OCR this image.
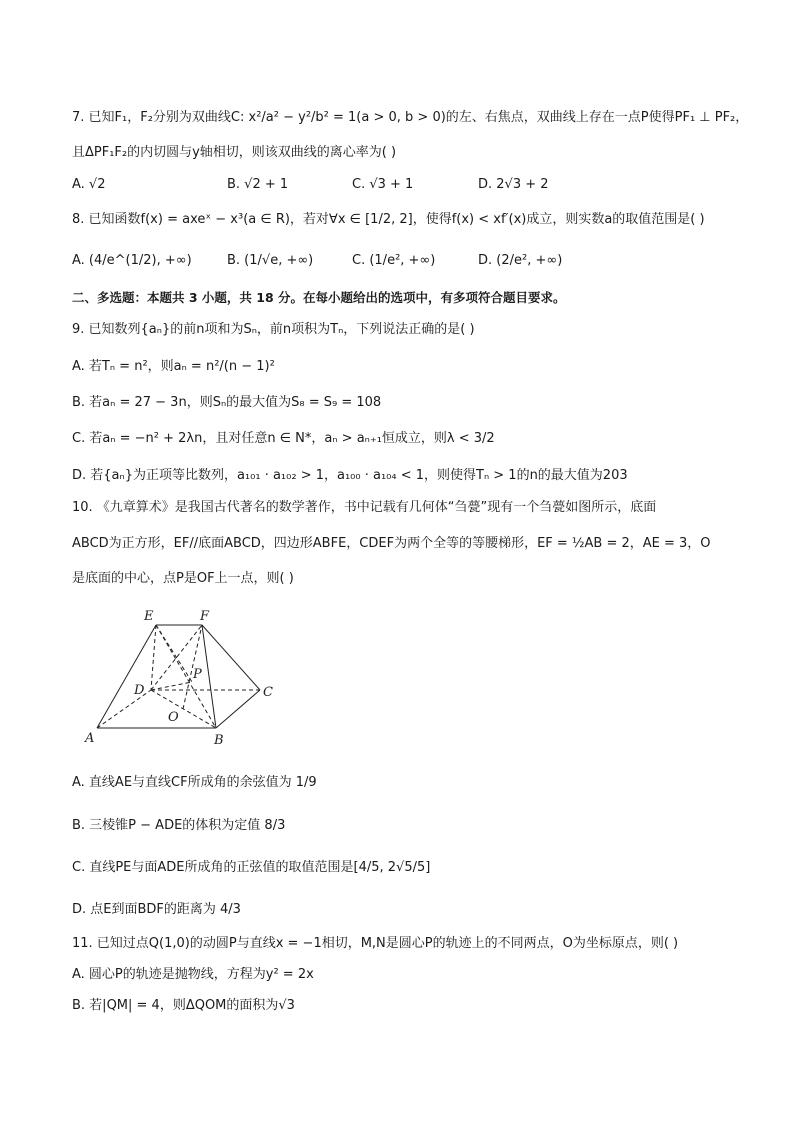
7. 已知F₁，F₂分别为双曲线C: x²/a² − y²/b² = 1(a > 0, b > 0)的左、右焦点，双曲线上存在一点P使得PF₁ ⊥ PF₂，
且ΔPF₁F₂的内切圆与y轴相切，则该双曲线的离心率为( )
A. √2	B. √2 + 1	C. √3 + 1	D. 2√3 + 2
8. 已知函数f(x) = axeˣ − x³(a ∈ R)，若对∀x ∈ [1/2, 2]，使得f(x) < xf′(x)成立，则实数a的取值范围是( )
A. (4/e^(1/2), +∞)	B. (1/√e, +∞)	C. (1/e², +∞)	D. (2/e², +∞)
二、多选题：本题共 3 小题，共 18 分。在每小题给出的选项中，有多项符合题目要求。
9. 已知数列{aₙ}的前n项和为Sₙ，前n项积为Tₙ，下列说法正确的是( )
A. 若Tₙ = n²，则aₙ = n²/(n − 1)²
B. 若aₙ = 27 − 3n，则Sₙ的最大值为S₈ = S₉ = 108
C. 若aₙ = −n² + 2λn，且对任意n ∈ N*，aₙ > aₙ₊₁恒成立，则λ < 3/2
D. 若{aₙ}为正项等比数列，a₁₀₁ · a₁₀₂ > 1，a₁₀₀ · a₁₀₄ < 1，则使得Tₙ > 1的n的最大值为203
10. 《九章算术》是我国古代著名的数学著作，书中记载有几何体“刍甍”现有一个刍甍如图所示，底面
ABCD为正方形，EF//底面ABCD，四边形ABFE，CDEF为两个全等的等腰梯形，EF = ½AB = 2，AE = 3，O
是底面的中心，点P是OF上一点，则( )
E	F
P
D	C
O
A	B
A. 直线AE与直线CF所成角的余弦值为 1/9
B. 三棱锥P − ADE的体积为定值 8/3
C. 直线PE与面ADE所成角的正弦值的取值范围是[4/5, 2√5/5]
D. 点E到面BDF的距离为 4/3
11. 已知过点Q(1,0)的动圆P与直线x = −1相切，M,N是圆心P的轨迹上的不同两点，O为坐标原点，则( )
A. 圆心P的轨迹是抛物线，方程为y² = 2x
B. 若|QM| = 4，则ΔQOM的面积为√3
